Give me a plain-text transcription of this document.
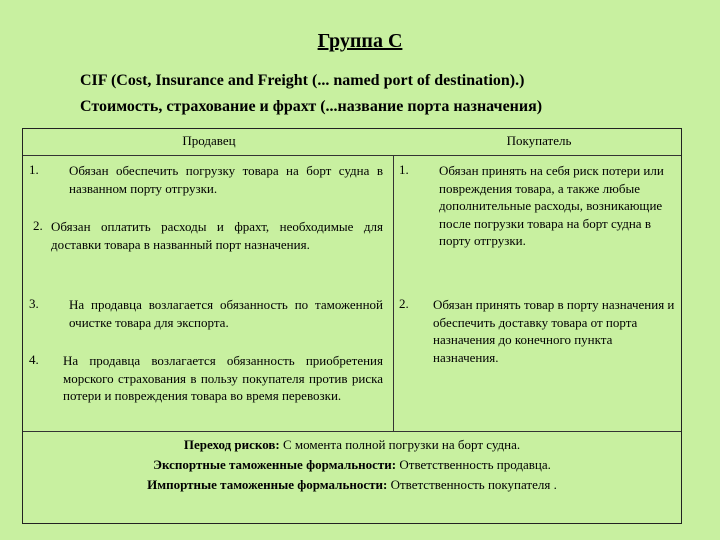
Группа C
CIF (Cost, Insurance and Freight (... named port of destination).)
Стоимость, страхование и фрахт (...название порта назначения)
Продавец	Покупатель
1. Обязан обеспечить погрузку товара на борт судна в названном порту отгрузки.
2. Обязан оплатить расходы и фрахт, необходимые для доставки товара в названный порт назначения.
3. На продавца возлагается обязанность по таможенной очистке товара для экспорта.
4. На продавца возлагается обязанность приобретения морского страхования в пользу покупателя против риска потери и повреждения товара во время перевозки.
1. Обязан принять на себя риск потери или повреждения товара, а также любые дополнительные расходы, возникающие после погрузки товара на борт судна в порту отгрузки.
2. Обязан принять товар в порту назначения и обеспечить доставку товара от порта назначения до конечного пункта назначения.
Переход рисков: С момента полной погрузки на борт судна.
Экспортные таможенные формальности: Ответственность продавца.
Импортные таможенные формальности: Ответственность покупателя .
